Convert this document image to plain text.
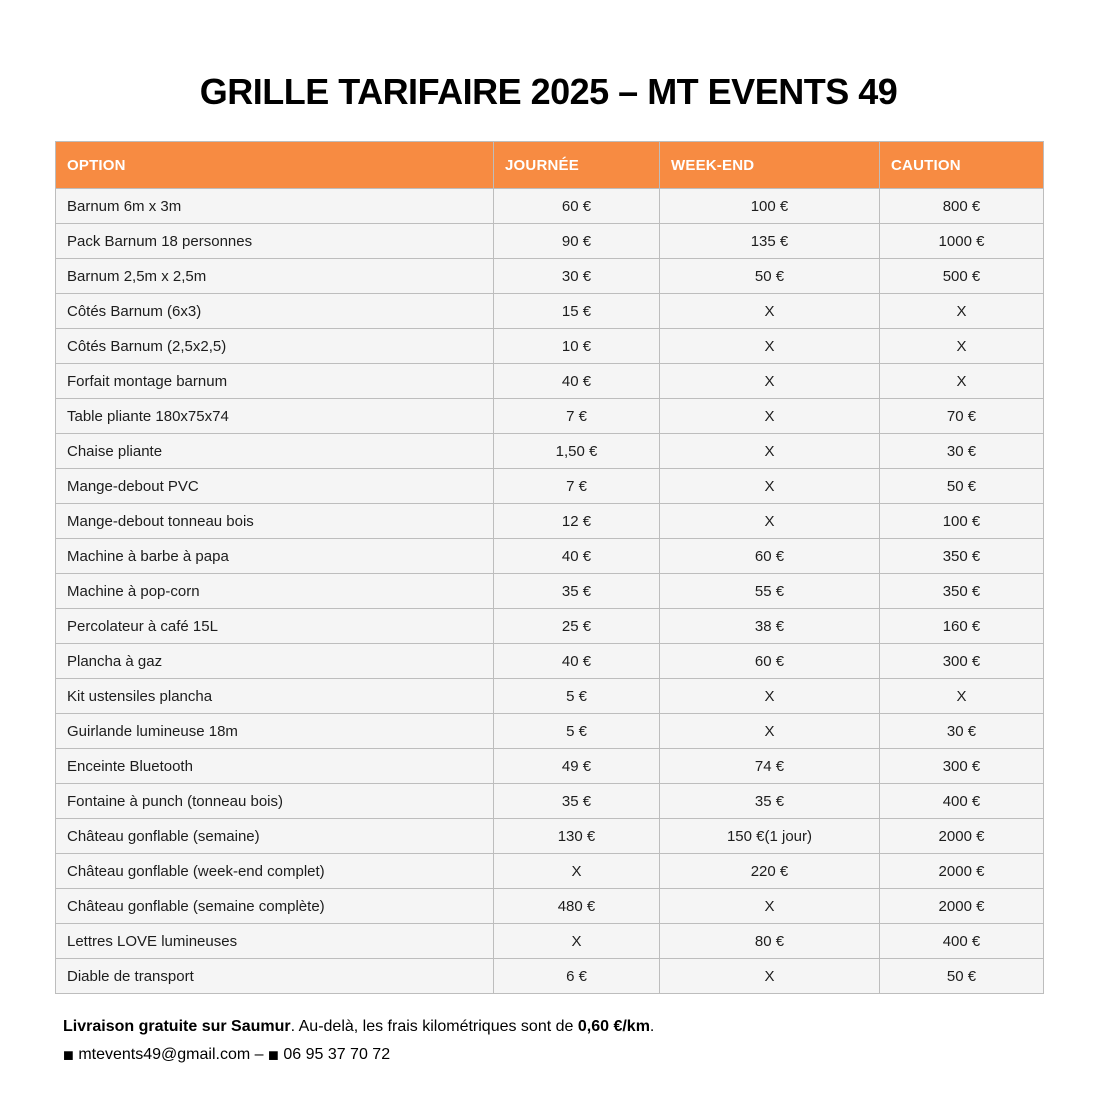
GRILLE TARIFAIRE 2025 – MT EVENTS 49
OPTION	JOURNÉE	WEEK-END	CAUTION
Barnum 6m x 3m	60 €	100 €	800 €
Pack Barnum 18 personnes	90 €	135 €	1000 €
Barnum 2,5m x 2,5m	30 €	50 €	500 €
Côtés Barnum (6x3)	15 €	X	X
Côtés Barnum (2,5x2,5)	10 €	X	X
Forfait montage barnum	40 €	X	X
Table pliante 180x75x74	7 €	X	70 €
Chaise pliante	1,50 €	X	30 €
Mange-debout PVC	7 €	X	50 €
Mange-debout tonneau bois	12 €	X	100 €
Machine à barbe à papa	40 €	60 €	350 €
Machine à pop-corn	35 €	55 €	350 €
Percolateur à café 15L	25 €	38 €	160 €
Plancha à gaz	40 €	60 €	300 €
Kit ustensiles plancha	5 €	X	X
Guirlande lumineuse 18m	5 €	X	30 €
Enceinte Bluetooth	49 €	74 €	300 €
Fontaine à punch (tonneau bois)	35 €	35 €	400 €
Château gonflable (semaine)	130 €	150 €(1 jour)	2000 €
Château gonflable (week-end complet)	X	220 €	2000 €
Château gonflable (semaine complète)	480 €	X	2000 €
Lettres LOVE lumineuses	X	80 €	400 €
Diable de transport	6 €	X	50 €

Livraison gratuite sur Saumur. Au-delà, les frais kilométriques sont de 0,60 €/km.

■ mtevents49@gmail.com – ■ 06 95 37 70 72
